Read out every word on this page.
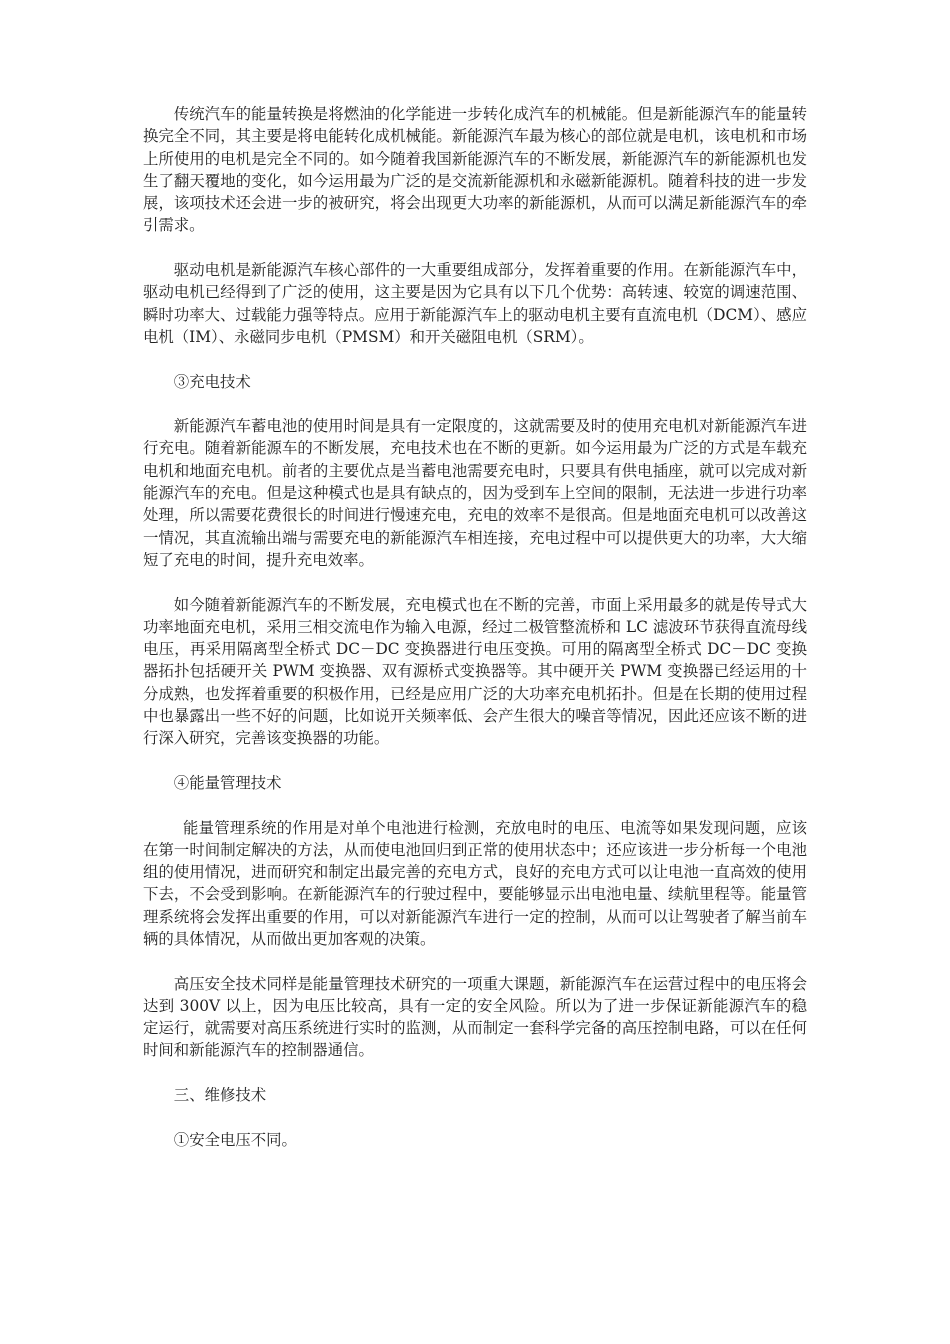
传统汽车的能量转换是将燃油的化学能进一步转化成汽车的机械能。但是新能源汽车的能量转换完全不同，其主要是将电能转化成机械能。新能源汽车最为核心的部位就是电机，该电机和市场上所使用的电机是完全不同的。如今随着我国新能源汽车的不断发展，新能源汽车的新能源机也发生了翻天覆地的变化，如今运用最为广泛的是交流新能源机和永磁新能源机。随着科技的进一步发展，该项技术还会进一步的被研究，将会出现更大功率的新能源机，从而可以满足新能源汽车的牵引需求。

驱动电机是新能源汽车核心部件的一大重要组成部分，发挥着重要的作用。在新能源汽车中，驱动电机已经得到了广泛的使用，这主要是因为它具有以下几个优势：高转速、较宽的调速范围、瞬时功率大、过载能力强等特点。应用于新能源汽车上的驱动电机主要有直流电机（DCM）、感应电机（IM）、永磁同步电机（PMSM）和开关磁阻电机（SRM）。

③充电技术

新能源汽车蓄电池的使用时间是具有一定限度的，这就需要及时的使用充电机对新能源汽车进行充电。随着新能源车的不断发展，充电技术也在不断的更新。如今运用最为广泛的方式是车载充电机和地面充电机。前者的主要优点是当蓄电池需要充电时，只要具有供电插座，就可以完成对新能源汽车的充电。但是这种模式也是具有缺点的，因为受到车上空间的限制，无法进一步进行功率处理，所以需要花费很长的时间进行慢速充电，充电的效率不是很高。但是地面充电机可以改善这一情况，其直流输出端与需要充电的新能源汽车相连接，充电过程中可以提供更大的功率，大大缩短了充电的时间，提升充电效率。

如今随着新能源汽车的不断发展，充电模式也在不断的完善，市面上采用最多的就是传导式大功率地面充电机，采用三相交流电作为输入电源，经过二极管整流桥和 LC 滤波环节获得直流母线电压，再采用隔离型全桥式 DC－DC 变换器进行电压变换。可用的隔离型全桥式 DC－DC 变换器拓扑包括硬开关 PWM 变换器、双有源桥式变换器等。其中硬开关 PWM 变换器已经运用的十分成熟，也发挥着重要的积极作用，已经是应用广泛的大功率充电机拓扑。但是在长期的使用过程中也暴露出一些不好的问题，比如说开关频率低、会产生很大的噪音等情况，因此还应该不断的进行深入研究，完善该变换器的功能。

④能量管理技术

能量管理系统的作用是对单个电池进行检测，充放电时的电压、电流等如果发现问题，应该在第一时间制定解决的方法，从而使电池回归到正常的使用状态中；还应该进一步分析每一个电池组的使用情况，进而研究和制定出最完善的充电方式，良好的充电方式可以让电池一直高效的使用下去，不会受到影响。在新能源汽车的行驶过程中，要能够显示出电池电量、续航里程等。能量管理系统将会发挥出重要的作用，可以对新能源汽车进行一定的控制，从而可以让驾驶者了解当前车辆的具体情况，从而做出更加客观的决策。

高压安全技术同样是能量管理技术研究的一项重大课题，新能源汽车在运营过程中的电压将会达到 300V 以上，因为电压比较高，具有一定的安全风险。所以为了进一步保证新能源汽车的稳定运行，就需要对高压系统进行实时的监测，从而制定一套科学完备的高压控制电路，可以在任何时间和新能源汽车的控制器通信。

三、维修技术

①安全电压不同。
